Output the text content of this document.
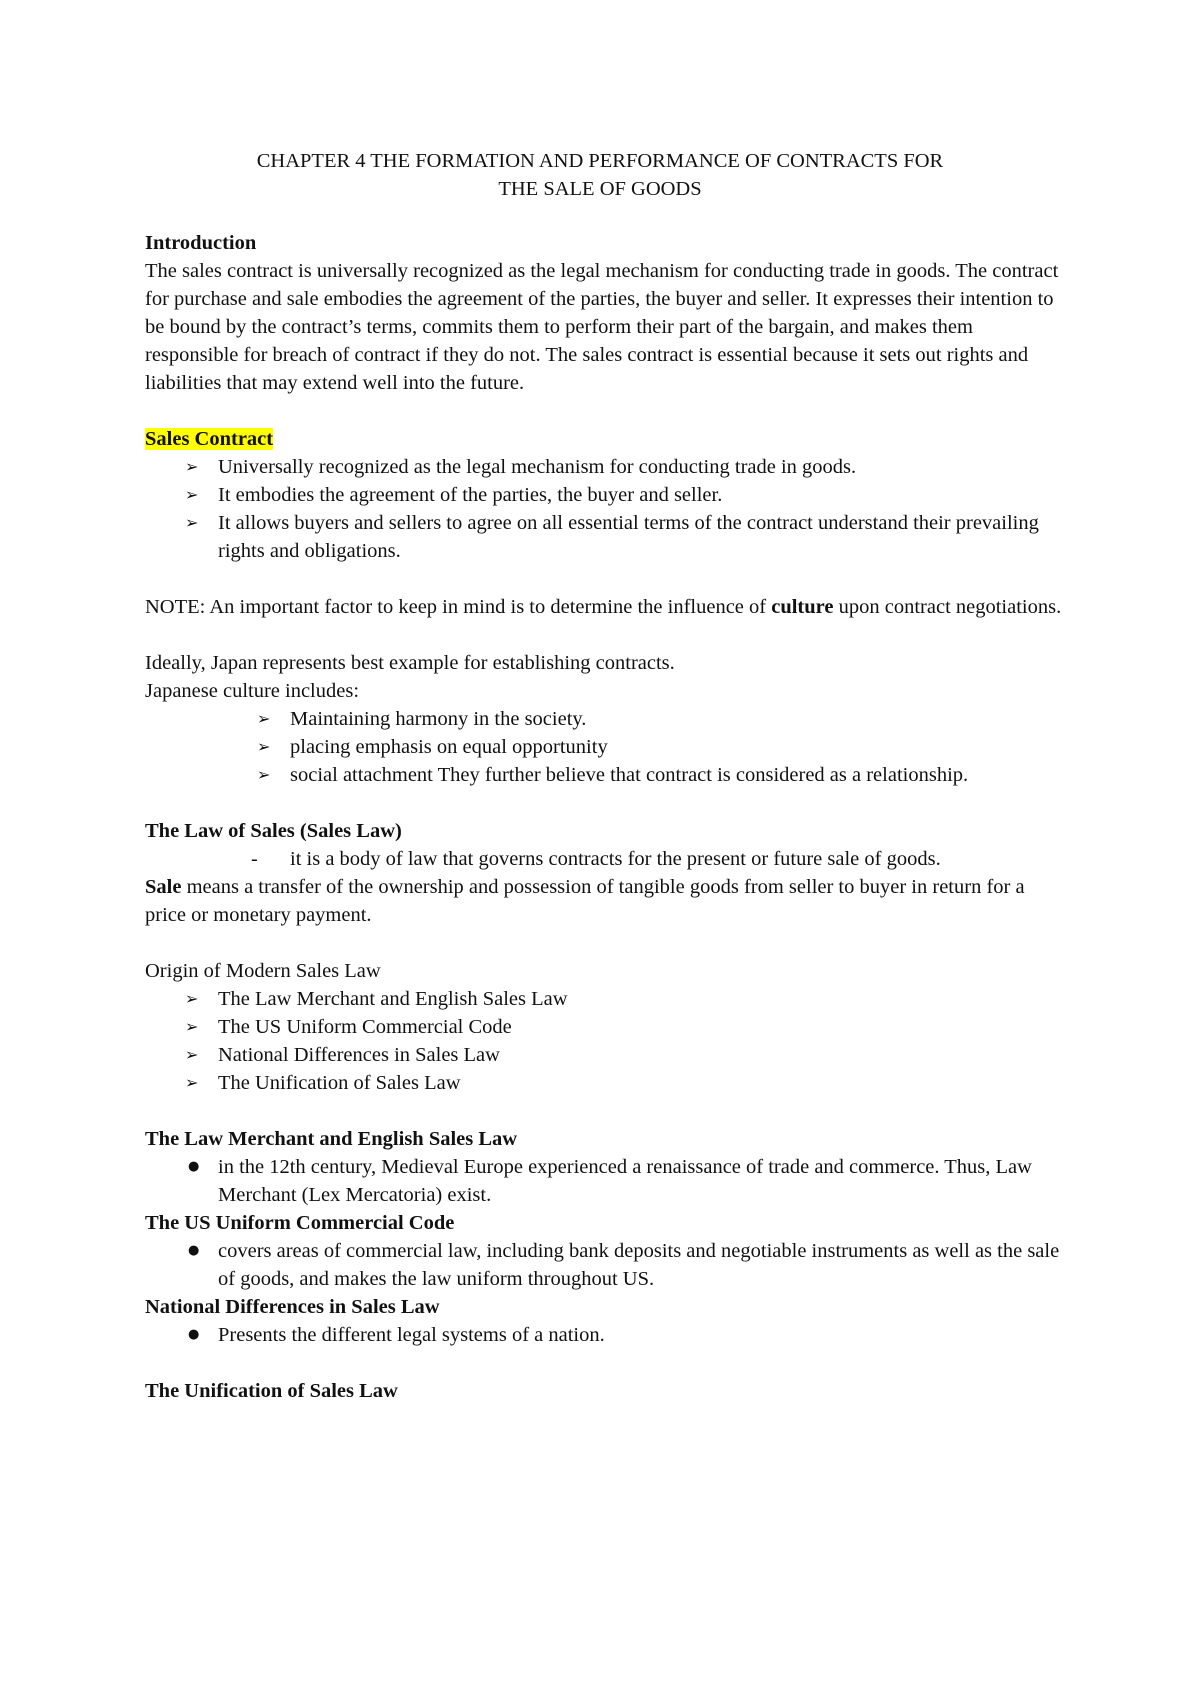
CHAPTER 4 THE FORMATION AND PERFORMANCE OF CONTRACTS FOR
THE SALE OF GOODS

Introduction

The sales contract is universally recognized as the legal mechanism for conducting trade in goods. The contract for purchase and sale embodies the agreement of the parties, the buyer and seller. It expresses their intention to be bound by the contract’s terms, commits them to perform their part of the bargain, and makes them responsible for breach of contract if they do not. The sales contract is essential because it sets out rights and liabilities that may extend well into the future.

Sales Contract

➢ Universally recognized as the legal mechanism for conducting trade in goods.
➢ It embodies the agreement of the parties, the buyer and seller.
➢ It allows buyers and sellers to agree on all essential terms of the contract understand their prevailing rights and obligations.

NOTE: An important factor to keep in mind is to determine the influence of culture upon contract negotiations.

Ideally, Japan represents best example for establishing contracts.

Japanese culture includes:

➢ Maintaining harmony in the society.
➢ placing emphasis on equal opportunity
➢ social attachment They further believe that contract is considered as a relationship.

The Law of Sales (Sales Law)

- it is a body of law that governs contracts for the present or future sale of goods.

Sale means a transfer of the ownership and possession of tangible goods from seller to buyer in return for a price or monetary payment.

Origin of Modern Sales Law

➢ The Law Merchant and English Sales Law
➢ The US Uniform Commercial Code
➢ National Differences in Sales Law
➢ The Unification of Sales Law

The Law Merchant and English Sales Law

● in the 12th century, Medieval Europe experienced a renaissance of trade and commerce. Thus, Law Merchant (Lex Mercatoria) exist.

The US Uniform Commercial Code

● covers areas of commercial law, including bank deposits and negotiable instruments as well as the sale of goods, and makes the law uniform throughout US.

National Differences in Sales Law

● Presents the different legal systems of a nation.

The Unification of Sales Law
